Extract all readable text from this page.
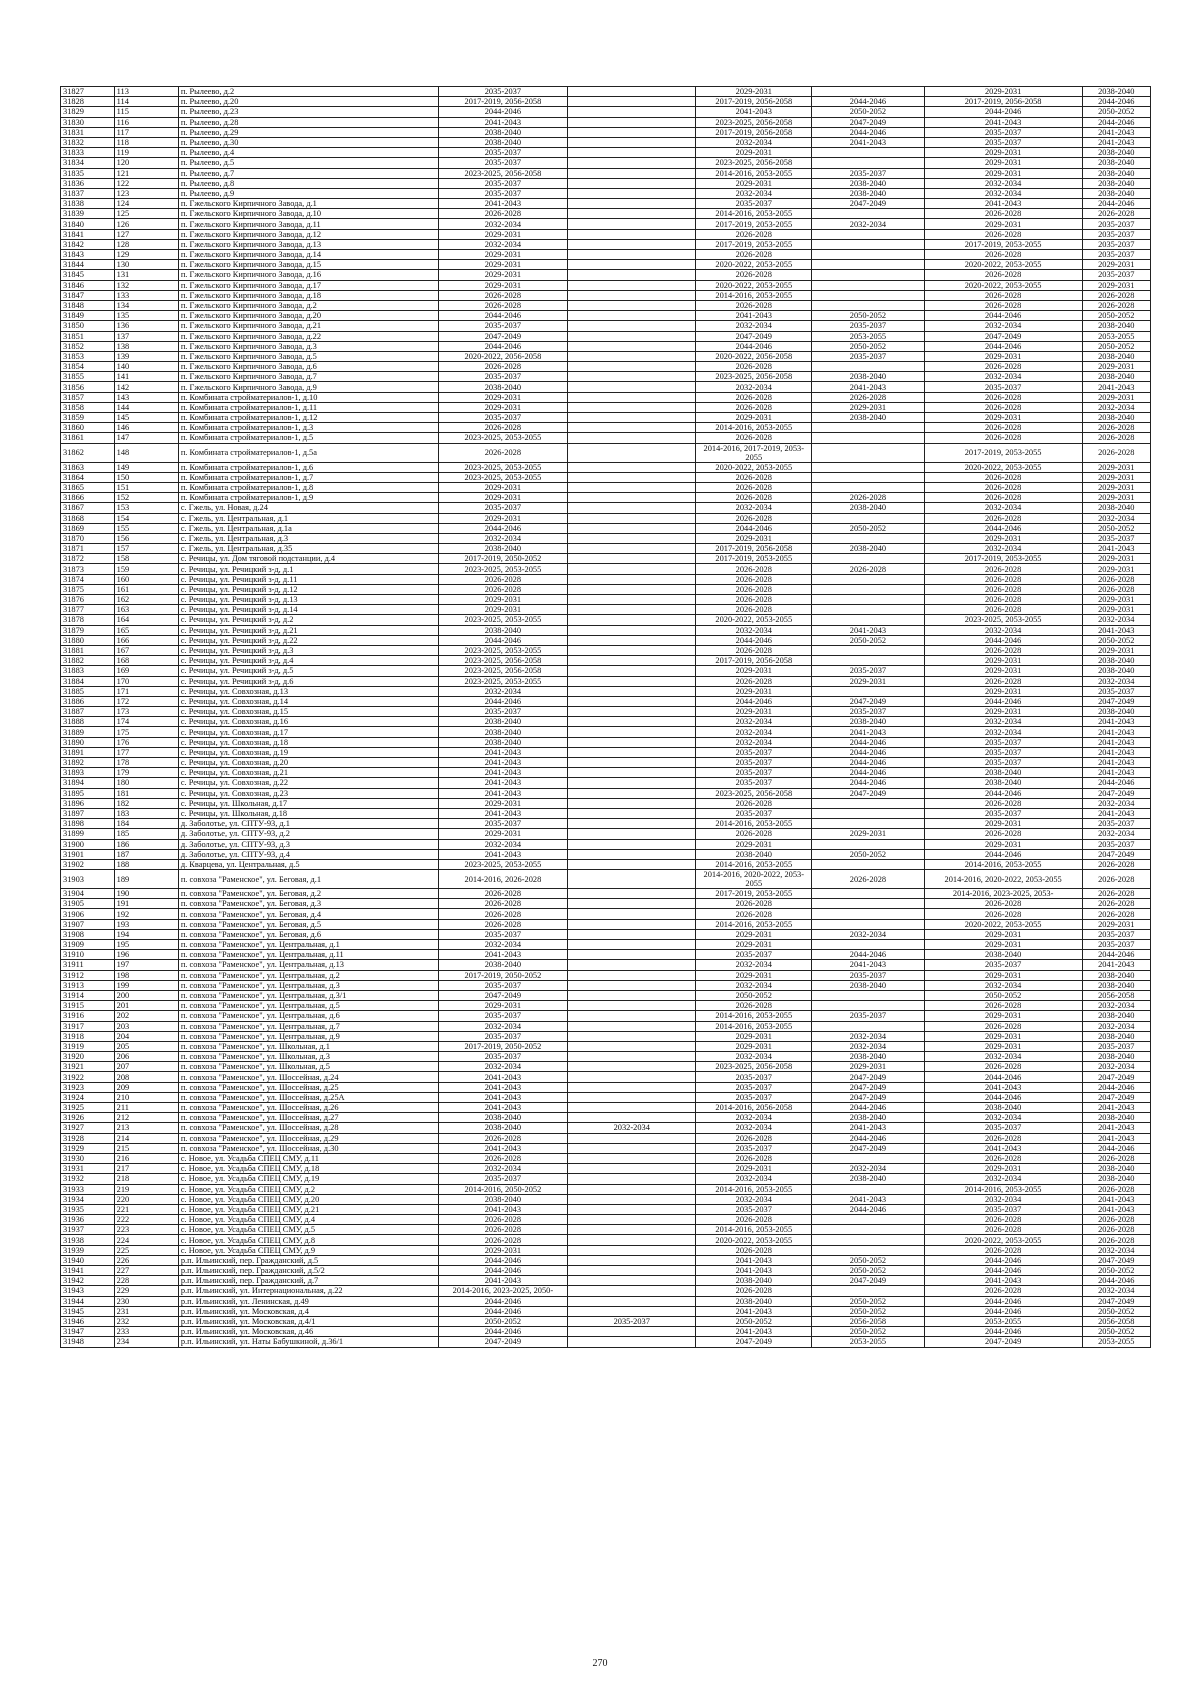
31827	113	п. Рылеево, д.2	2035-2037		2029-2031		2029-2031	2038-2040
31828	114	п. Рылеево, д.20	2017-2019, 2056-2058		2017-2019, 2056-2058	2044-2046	2017-2019, 2056-2058	2044-2046
31829	115	п. Рылеево, д.23	2044-2046		2041-2043	2050-2052	2044-2046	2050-2052
31830	116	п. Рылеево, д.28	2041-2043		2023-2025, 2056-2058	2047-2049	2041-2043	2044-2046
31831	117	п. Рылеево, д.29	2038-2040		2017-2019, 2056-2058	2044-2046	2035-2037	2041-2043
31832	118	п. Рылеево, д.30	2038-2040		2032-2034	2041-2043	2035-2037	2041-2043
31833	119	п. Рылеево, д.4	2035-2037		2029-2031		2029-2031	2038-2040
31834	120	п. Рылеево, д.5	2035-2037		2023-2025, 2056-2058		2029-2031	2038-2040
31835	121	п. Рылеево, д.7	2023-2025, 2056-2058		2014-2016, 2053-2055	2035-2037	2029-2031	2038-2040
31836	122	п. Рылеево, д.8	2035-2037		2029-2031	2038-2040	2032-2034	2038-2040
31837	123	п. Рылеево, д.9	2035-2037		2032-2034	2038-2040	2032-2034	2038-2040
31838	124	п. Гжельского Кирпичного Завода, д.1	2041-2043		2035-2037	2047-2049	2041-2043	2044-2046
31839	125	п. Гжельского Кирпичного Завода, д.10	2026-2028		2014-2016, 2053-2055		2026-2028	2026-2028
31840	126	п. Гжельского Кирпичного Завода, д.11	2032-2034		2017-2019, 2053-2055	2032-2034	2029-2031	2035-2037
31841	127	п. Гжельского Кирпичного Завода, д.12	2029-2031		2026-2028		2026-2028	2035-2037
31842	128	п. Гжельского Кирпичного Завода, д.13	2032-2034		2017-2019, 2053-2055		2017-2019, 2053-2055	2035-2037
31843	129	п. Гжельского Кирпичного Завода, д.14	2029-2031		2026-2028		2026-2028	2035-2037
31844	130	п. Гжельского Кирпичного Завода, д.15	2029-2031		2020-2022, 2053-2055		2020-2022, 2053-2055	2029-2031
31845	131	п. Гжельского Кирпичного Завода, д.16	2029-2031		2026-2028		2026-2028	2035-2037
31846	132	п. Гжельского Кирпичного Завода, д.17	2029-2031		2020-2022, 2053-2055		2020-2022, 2053-2055	2029-2031
31847	133	п. Гжельского Кирпичного Завода, д.18	2026-2028		2014-2016, 2053-2055		2026-2028	2026-2028
31848	134	п. Гжельского Кирпичного Завода, д.2	2026-2028		2026-2028		2026-2028	2026-2028
31849	135	п. Гжельского Кирпичного Завода, д.20	2044-2046		2041-2043	2050-2052	2044-2046	2050-2052
31850	136	п. Гжельского Кирпичного Завода, д.21	2035-2037		2032-2034	2035-2037	2032-2034	2038-2040
31851	137	п. Гжельского Кирпичного Завода, д.22	2047-2049		2047-2049	2053-2055	2047-2049	2053-2055
31852	138	п. Гжельского Кирпичного Завода, д.3	2044-2046		2044-2046	2050-2052	2044-2046	2050-2052
31853	139	п. Гжельского Кирпичного Завода, д.5	2020-2022, 2056-2058		2020-2022, 2056-2058	2035-2037	2029-2031	2038-2040
31854	140	п. Гжельского Кирпичного Завода, д.6	2026-2028		2026-2028		2026-2028	2029-2031
31855	141	п. Гжельского Кирпичного Завода, д.7	2035-2037		2023-2025, 2056-2058	2038-2040	2032-2034	2038-2040
31856	142	п. Гжельского Кирпичного Завода, д.9	2038-2040		2032-2034	2041-2043	2035-2037	2041-2043
31857	143	п. Комбината стройматериалов-1, д.10	2029-2031		2026-2028	2026-2028	2026-2028	2029-2031
31858	144	п. Комбината стройматериалов-1, д.11	2029-2031		2026-2028	2029-2031	2026-2028	2032-2034
31859	145	п. Комбината стройматериалов-1, д.12	2035-2037		2029-2031	2038-2040	2029-2031	2038-2040
31860	146	п. Комбината стройматериалов-1, д.3	2026-2028		2014-2016, 2053-2055		2026-2028	2026-2028
31861	147	п. Комбината стройматериалов-1, д.5	2023-2025, 2053-2055		2026-2028		2026-2028	2026-2028
31862	148	п. Комбината стройматериалов-1, д.5а	2026-2028		2014-2016, 2017-2019, 2053-2055		2017-2019, 2053-2055	2026-2028
31863	149	п. Комбината стройматериалов-1, д.6	2023-2025, 2053-2055		2020-2022, 2053-2055		2020-2022, 2053-2055	2029-2031
31864	150	п. Комбината стройматериалов-1, д.7	2023-2025, 2053-2055		2026-2028		2026-2028	2029-2031
31865	151	п. Комбината стройматериалов-1, д.8	2029-2031		2026-2028		2026-2028	2029-2031
31866	152	п. Комбината стройматериалов-1, д.9	2029-2031		2026-2028	2026-2028	2026-2028	2029-2031
31867	153	с. Гжель, ул. Новая, д.24	2035-2037		2032-2034	2038-2040	2032-2034	2038-2040
31868	154	с. Гжель, ул. Центральная, д.1	2029-2031		2026-2028		2026-2028	2032-2034
31869	155	с. Гжель, ул. Центральная, д.1а	2044-2046		2044-2046	2050-2052	2044-2046	2050-2052
31870	156	с. Гжель, ул. Центральная, д.3	2032-2034		2029-2031		2029-2031	2035-2037
31871	157	с. Гжель, ул. Центральная, д.35	2038-2040		2017-2019, 2056-2058	2038-2040	2032-2034	2041-2043
31872	158	с. Речицы, ул. Дом тяговой подстанции, д.4	2017-2019, 2050-2052		2017-2019, 2053-2055		2017-2019, 2053-2055	2029-2031
31873	159	с. Речицы, ул. Речицкий з-д, д.1	2023-2025, 2053-2055		2026-2028	2026-2028	2026-2028	2029-2031
31874	160	с. Речицы, ул. Речицкий з-д, д.11	2026-2028		2026-2028		2026-2028	2026-2028
31875	161	с. Речицы, ул. Речицкий з-д, д.12	2026-2028		2026-2028		2026-2028	2026-2028
31876	162	с. Речицы, ул. Речицкий з-д, д.13	2029-2031		2026-2028		2026-2028	2029-2031
31877	163	с. Речицы, ул. Речицкий з-д, д.14	2029-2031		2026-2028		2026-2028	2029-2031
31878	164	с. Речицы, ул. Речицкий з-д, д.2	2023-2025, 2053-2055		2020-2022, 2053-2055		2023-2025, 2053-2055	2032-2034
31879	165	с. Речицы, ул. Речицкий з-д, д.21	2038-2040		2032-2034	2041-2043	2032-2034	2041-2043
31880	166	с. Речицы, ул. Речицкий з-д, д.22	2044-2046		2044-2046	2050-2052	2044-2046	2050-2052
31881	167	с. Речицы, ул. Речицкий з-д, д.3	2023-2025, 2053-2055		2026-2028		2026-2028	2029-2031
31882	168	с. Речицы, ул. Речицкий з-д, д.4	2023-2025, 2056-2058		2017-2019, 2056-2058		2029-2031	2038-2040
31883	169	с. Речицы, ул. Речицкий з-д, д.5	2023-2025, 2056-2058		2029-2031	2035-2037	2029-2031	2038-2040
31884	170	с. Речицы, ул. Речицкий з-д, д.6	2023-2025, 2053-2055		2026-2028	2029-2031	2026-2028	2032-2034
31885	171	с. Речицы, ул. Совхозная, д.13	2032-2034		2029-2031		2029-2031	2035-2037
31886	172	с. Речицы, ул. Совхозная, д.14	2044-2046		2044-2046	2047-2049	2044-2046	2047-2049
31887	173	с. Речицы, ул. Совхозная, д.15	2035-2037		2029-2031	2035-2037	2029-2031	2038-2040
31888	174	с. Речицы, ул. Совхозная, д.16	2038-2040		2032-2034	2038-2040	2032-2034	2041-2043
31889	175	с. Речицы, ул. Совхозная, д.17	2038-2040		2032-2034	2041-2043	2032-2034	2041-2043
31890	176	с. Речицы, ул. Совхозная, д.18	2038-2040		2032-2034	2044-2046	2035-2037	2041-2043
31891	177	с. Речицы, ул. Совхозная, д.19	2041-2043		2035-2037	2044-2046	2035-2037	2041-2043
31892	178	с. Речицы, ул. Совхозная, д.20	2041-2043		2035-2037	2044-2046	2035-2037	2041-2043
31893	179	с. Речицы, ул. Совхозная, д.21	2041-2043		2035-2037	2044-2046	2038-2040	2041-2043
31894	180	с. Речицы, ул. Совхозная, д.22	2041-2043		2035-2037	2044-2046	2038-2040	2044-2046
31895	181	с. Речицы, ул. Совхозная, д.23	2041-2043		2023-2025, 2056-2058	2047-2049	2044-2046	2047-2049
31896	182	с. Речицы, ул. Школьная, д.17	2029-2031		2026-2028		2026-2028	2032-2034
31897	183	с. Речицы, ул. Школьная, д.18	2041-2043		2035-2037		2035-2037	2041-2043
31898	184	д. Заболотье, ул. СПТУ-93, д.1	2035-2037		2014-2016, 2053-2055		2029-2031	2035-2037
31899	185	д. Заболотье, ул. СПТУ-93, д.2	2029-2031		2026-2028	2029-2031	2026-2028	2032-2034
31900	186	д. Заболотье, ул. СПТУ-93, д.3	2032-2034		2029-2031		2029-2031	2035-2037
31901	187	д. Заболотье, ул. СПТУ-93, д.4	2041-2043		2038-2040	2050-2052	2044-2046	2047-2049
31902	188	д. Кварцева, ул. Центральная, д.5	2023-2025, 2053-2055		2014-2016, 2053-2055		2014-2016, 2053-2055	2026-2028
31903	189	п. совхоза "Раменское", ул. Беговая, д.1	2014-2016, 2026-2028		2014-2016, 2020-2022, 2053-2055	2026-2028	2014-2016, 2020-2022, 2053-2055	2026-2028
31904	190	п. совхоза "Раменское", ул. Беговая, д.2	2026-2028		2017-2019, 2053-2055		2014-2016, 2023-2025, 2053-	2026-2028
31905	191	п. совхоза "Раменское", ул. Беговая, д.3	2026-2028		2026-2028		2026-2028	2026-2028
31906	192	п. совхоза "Раменское", ул. Беговая, д.4	2026-2028		2026-2028		2026-2028	2026-2028
31907	193	п. совхоза "Раменское", ул. Беговая, д.5	2026-2028		2014-2016, 2053-2055		2020-2022, 2053-2055	2029-2031
31908	194	п. совхоза "Раменское", ул. Беговая, д.6	2035-2037		2029-2031	2032-2034	2029-2031	2035-2037
31909	195	п. совхоза "Раменское", ул. Центральная, д.1	2032-2034		2029-2031		2029-2031	2035-2037
31910	196	п. совхоза "Раменское", ул. Центральная, д.11	2041-2043		2035-2037	2044-2046	2038-2040	2044-2046
31911	197	п. совхоза "Раменское", ул. Центральная, д.13	2038-2040		2032-2034	2041-2043	2035-2037	2041-2043
31912	198	п. совхоза "Раменское", ул. Центральная, д.2	2017-2019, 2050-2052		2029-2031	2035-2037	2029-2031	2038-2040
31913	199	п. совхоза "Раменское", ул. Центральная, д.3	2035-2037		2032-2034	2038-2040	2032-2034	2038-2040
31914	200	п. совхоза "Раменское", ул. Центральная, д.3/1	2047-2049		2050-2052		2050-2052	2056-2058
31915	201	п. совхоза "Раменское", ул. Центральная, д.5	2029-2031		2026-2028		2026-2028	2032-2034
31916	202	п. совхоза "Раменское", ул. Центральная, д.6	2035-2037		2014-2016, 2053-2055	2035-2037	2029-2031	2038-2040
31917	203	п. совхоза "Раменское", ул. Центральная, д.7	2032-2034		2014-2016, 2053-2055		2026-2028	2032-2034
31918	204	п. совхоза "Раменское", ул. Центральная, д.9	2035-2037		2029-2031	2032-2034	2029-2031	2038-2040
31919	205	п. совхоза "Раменское", ул. Школьная, д.1	2017-2019, 2050-2052		2029-2031	2032-2034	2029-2031	2035-2037
31920	206	п. совхоза "Раменское", ул. Школьная, д.3	2035-2037		2032-2034	2038-2040	2032-2034	2038-2040
31921	207	п. совхоза "Раменское", ул. Школьная, д.5	2032-2034		2023-2025, 2056-2058	2029-2031	2026-2028	2032-2034
31922	208	п. совхоза "Раменское", ул. Шоссейная, д.24	2041-2043		2035-2037	2047-2049	2044-2046	2047-2049
31923	209	п. совхоза "Раменское", ул. Шоссейная, д.25	2041-2043		2035-2037	2047-2049	2041-2043	2044-2046
31924	210	п. совхоза "Раменское", ул. Шоссейная, д.25А	2041-2043		2035-2037	2047-2049	2044-2046	2047-2049
31925	211	п. совхоза "Раменское", ул. Шоссейная, д.26	2041-2043		2014-2016, 2056-2058	2044-2046	2038-2040	2041-2043
31926	212	п. совхоза "Раменское", ул. Шоссейная, д.27	2038-2040		2032-2034	2038-2040	2032-2034	2038-2040
31927	213	п. совхоза "Раменское", ул. Шоссейная, д.28	2038-2040	2032-2034	2032-2034	2041-2043	2035-2037	2041-2043
31928	214	п. совхоза "Раменское", ул. Шоссейная, д.29	2026-2028		2026-2028	2044-2046	2026-2028	2041-2043
31929	215	п. совхоза "Раменское", ул. Шоссейная, д.30	2041-2043		2035-2037	2047-2049	2041-2043	2044-2046
31930	216	с. Новое, ул. Усадьба СПЕЦ СМУ, д.11	2026-2028		2026-2028		2026-2028	2026-2028
31931	217	с. Новое, ул. Усадьба СПЕЦ СМУ, д.18	2032-2034		2029-2031	2032-2034	2029-2031	2038-2040
31932	218	с. Новое, ул. Усадьба СПЕЦ СМУ, д.19	2035-2037		2032-2034	2038-2040	2032-2034	2038-2040
31933	219	с. Новое, ул. Усадьба СПЕЦ СМУ, д.2	2014-2016, 2050-2052		2014-2016, 2053-2055		2014-2016, 2053-2055	2026-2028
31934	220	с. Новое, ул. Усадьба СПЕЦ СМУ, д.20	2038-2040		2032-2034	2041-2043	2032-2034	2041-2043
31935	221	с. Новое, ул. Усадьба СПЕЦ СМУ, д.21	2041-2043		2035-2037	2044-2046	2035-2037	2041-2043
31936	222	с. Новое, ул. Усадьба СПЕЦ СМУ, д.4	2026-2028		2026-2028		2026-2028	2026-2028
31937	223	с. Новое, ул. Усадьба СПЕЦ СМУ, д.5	2026-2028		2014-2016, 2053-2055		2026-2028	2026-2028
31938	224	с. Новое, ул. Усадьба СПЕЦ СМУ, д.8	2026-2028		2020-2022, 2053-2055		2020-2022, 2053-2055	2026-2028
31939	225	с. Новое, ул. Усадьба СПЕЦ СМУ, д.9	2029-2031		2026-2028		2026-2028	2032-2034
31940	226	р.п. Ильинский, пер. Гражданский, д.5	2044-2046		2041-2043	2050-2052	2044-2046	2047-2049
31941	227	р.п. Ильинский, пер. Гражданский, д.5/2	2044-2046		2041-2043	2050-2052	2044-2046	2050-2052
31942	228	р.п. Ильинский, пер. Гражданский, д.7	2041-2043		2038-2040	2047-2049	2041-2043	2044-2046
31943	229	р.п. Ильинский, ул. Интернациональная, д.22	2014-2016, 2023-2025, 2050-		2026-2028		2026-2028	2032-2034
31944	230	р.п. Ильинский, ул. Ленинская, д.49	2044-2046		2038-2040	2050-2052	2044-2046	2047-2049
31945	231	р.п. Ильинский, ул. Московская, д.4	2044-2046		2041-2043	2050-2052	2044-2046	2050-2052
31946	232	р.п. Ильинский, ул. Московская, д.4/1	2050-2052	2035-2037	2050-2052	2056-2058	2053-2055	2056-2058
31947	233	р.п. Ильинский, ул. Московская, д.46	2044-2046		2041-2043	2050-2052	2044-2046	2050-2052
31948	234	р.п. Ильинский, ул. Наты Бабушкиной, д.36/1	2047-2049		2047-2049	2053-2055	2047-2049	2053-2055
270
